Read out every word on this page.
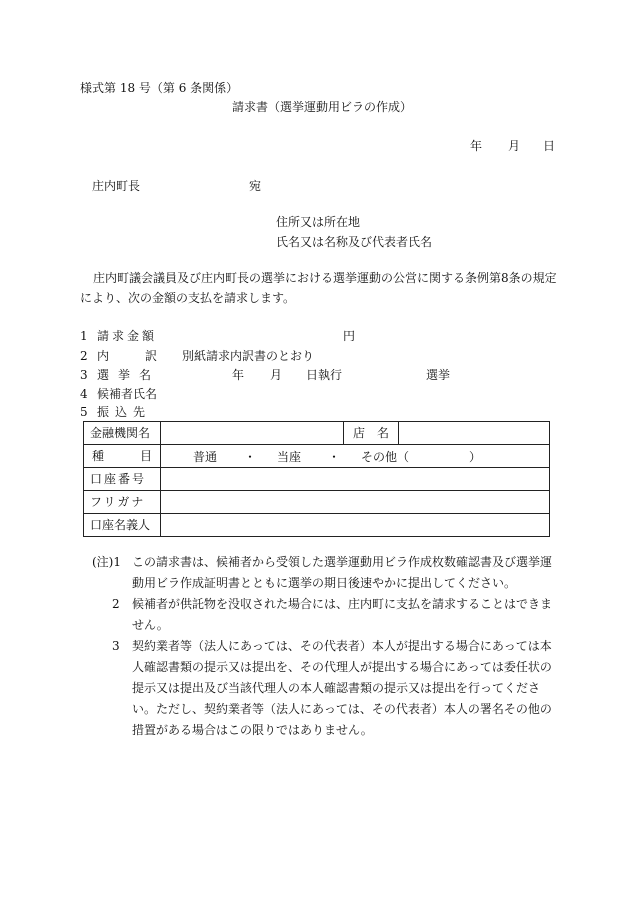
様式第 18 号（第 6 条関係）
請求書（選挙運動用ビラの作成）
年 月 日
庄内町長	宛
住所又は所在地
氏名又は名称及び代表者氏名
庄内町議会議員及び庄内町長の選挙における選挙運動の公営に関する条例第8条の規定
により、次の金額の支払を請求します。
1 請求金額	円
2 内	訳 別紙請求内訳書のとおり
3 選挙名	年 月 日執行	選挙
4 候補者氏名
5 振込先
金融機関名		店　名	

種 目	普通 ・ 当座 ・ その他（　　　　　）		

口座番号			
フリガナ			
口座名義人			
(注)1 この請求書は、候補者から受領した選挙運動用ビラ作成枚数確認書及び選挙運動用ビラ作成証明書とともに選挙の期日後速やかに提出してください。
2	候補者が供託物を没収された場合には、庄内町に支払を請求することはできません。
3	契約業者等（法人にあっては、その代表者）本人が提出する場合にあっては本人確認書類の提示又は提出を、その代理人が提出する場合にあっては委任状の提示又は提出及び当該代理人の本人確認書類の提示又は提出を行ってください。ただし、契約業者等（法人にあっては、その代表者）本人の署名その他の措置がある場合はこの限りではありません。
